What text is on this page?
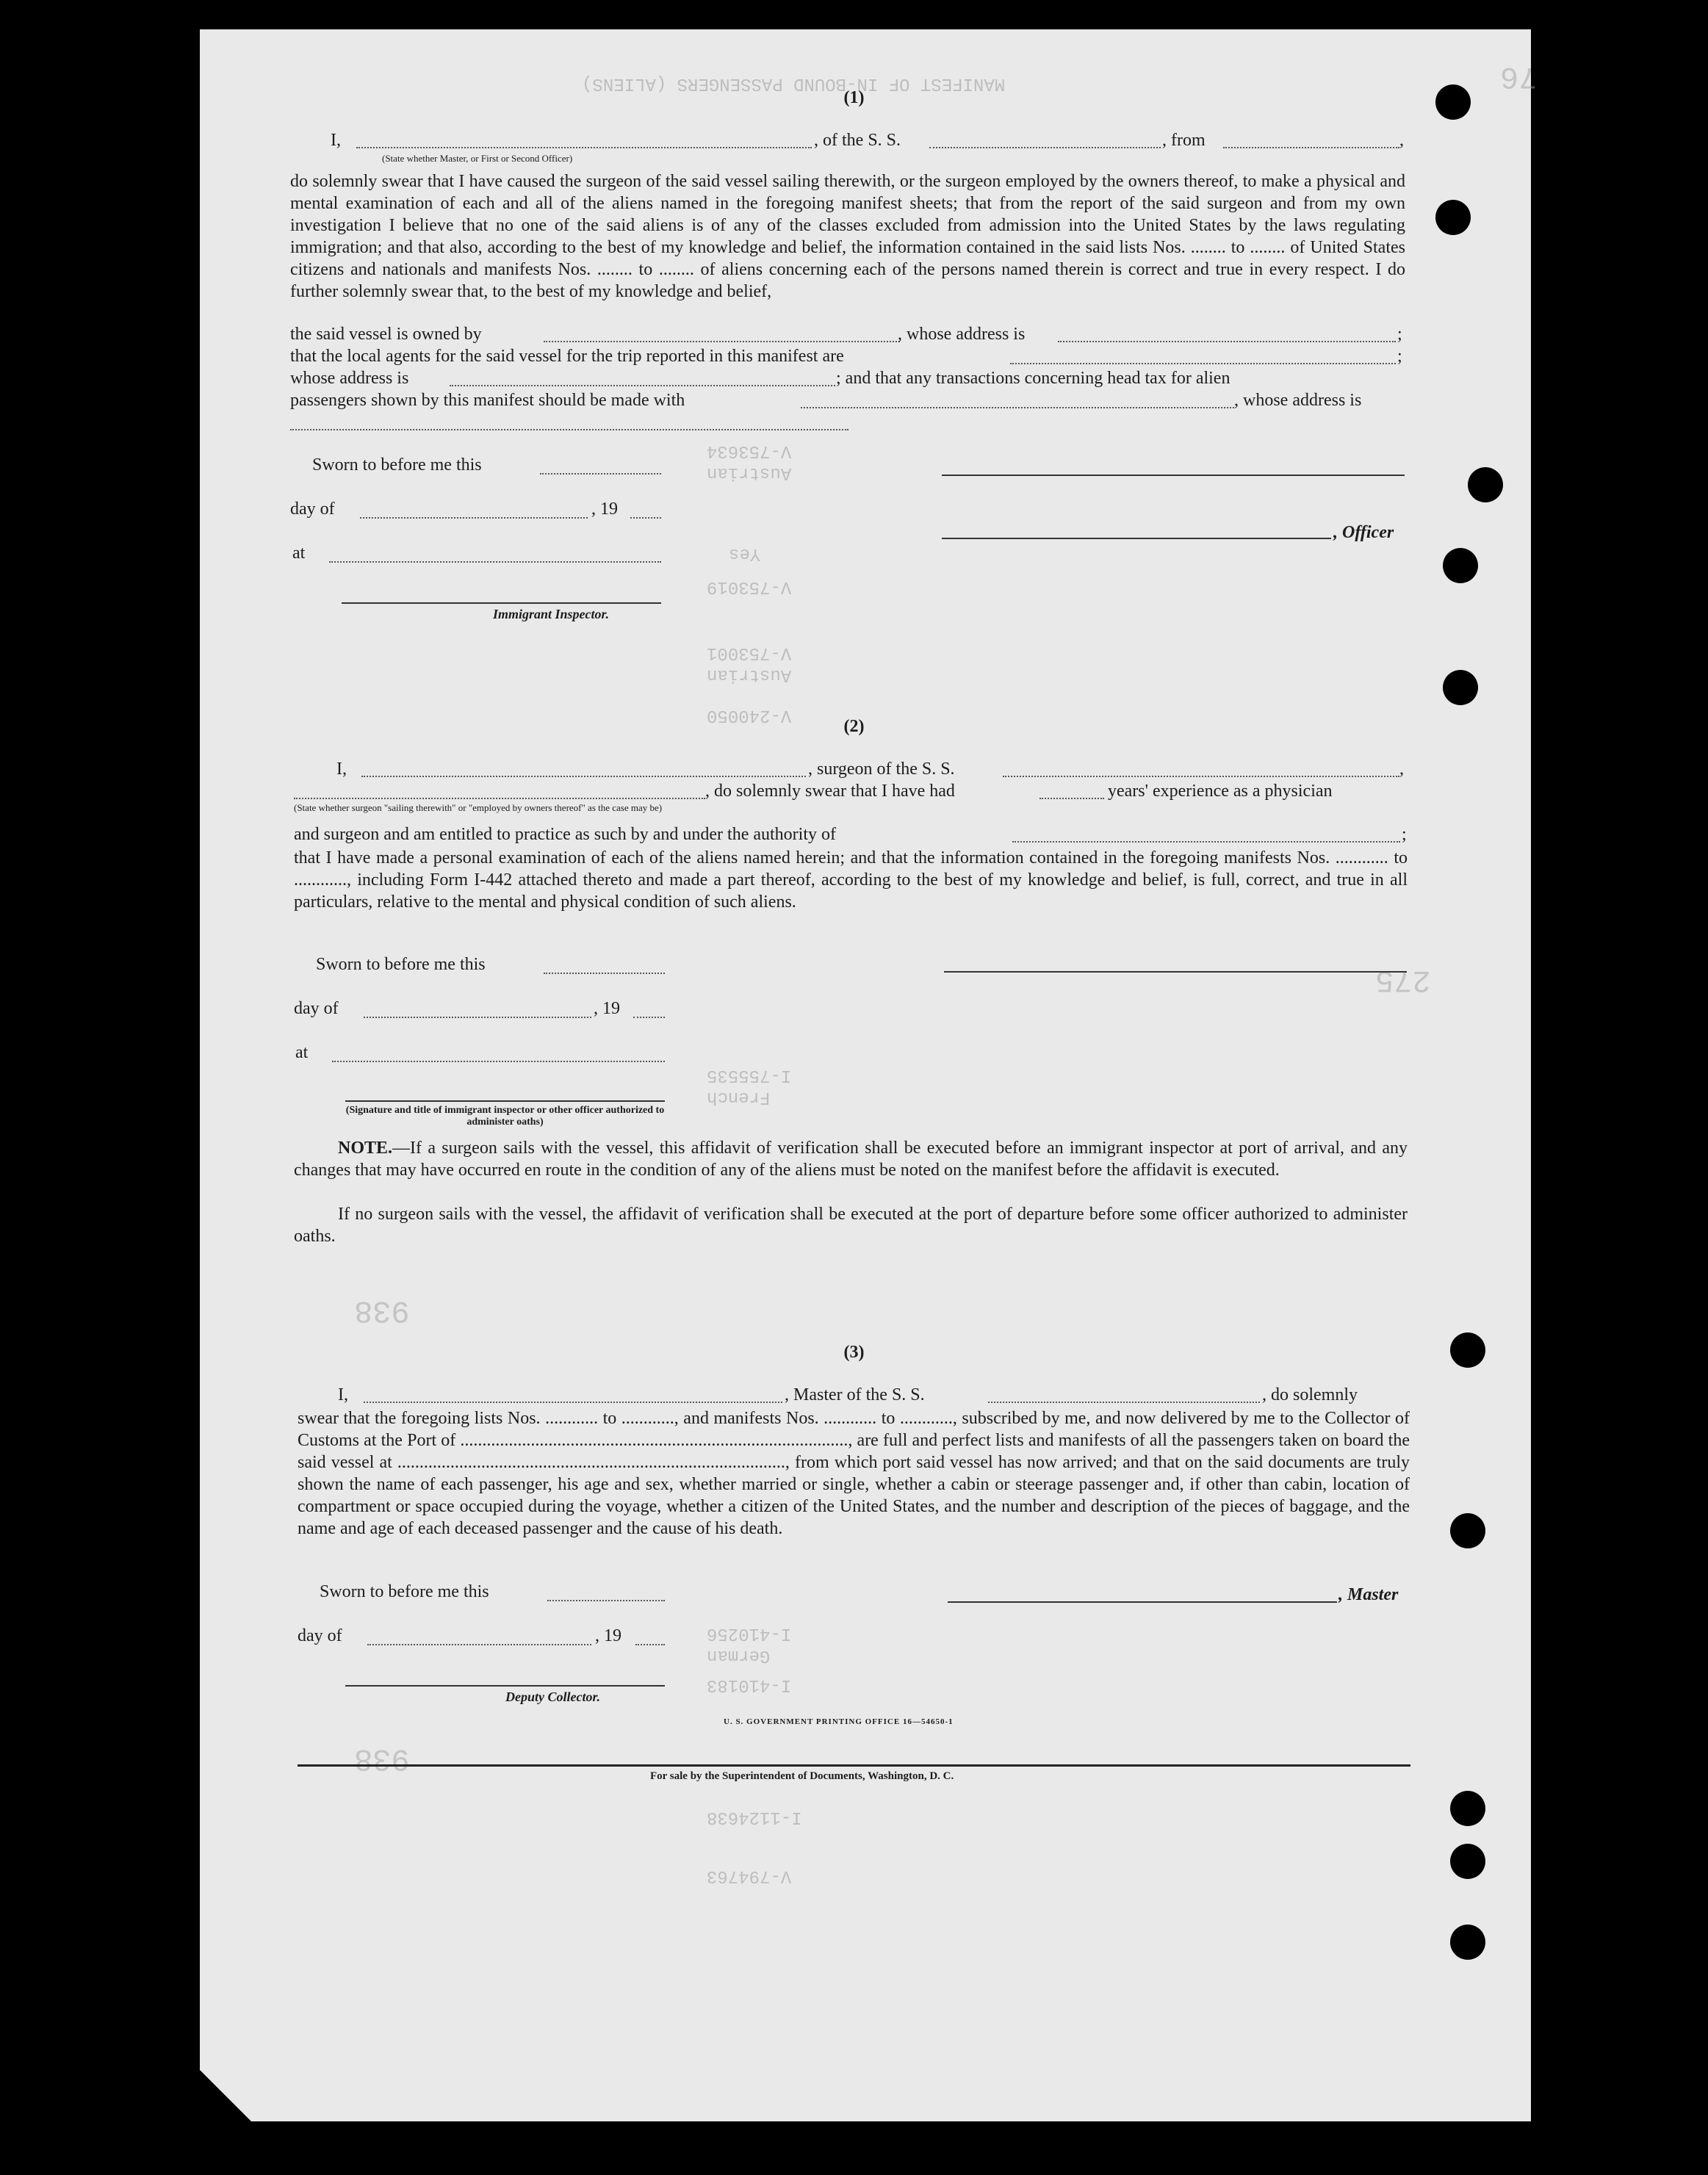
MANIFEST OF IN-BOUND PASSENGERS (ALIENS)
V-753634
Austrian
Yes
V-753019
V-753001
Austrian
V-240050
I-755535
French
I-410256
German
I-410183
I-1124638
V-794763
76
938
938
275
(1)
I,	, of the S. S.	, from	,
(State whether Master, or First or Second Officer)
do solemnly swear that I have caused the surgeon of the said vessel sailing therewith, or the surgeon employed by the owners thereof, to make a physical and mental examination of each and all of the aliens named in the foregoing manifest sheets; that from the report of the said surgeon and from my own investigation I believe that no one of the said aliens is of any of the classes excluded from admission into the United States by the laws regulating immigration; and that also, according to the best of my knowledge and belief, the information contained in the said lists Nos. ........ to ........ of United States citizens and nationals and manifests Nos. ........ to ........ of aliens concerning each of the persons named therein is correct and true in every respect. I do further solemnly swear that, to the best of my knowledge and belief,
the said vessel is owned by	, whose address is	;
that the local agents for the said vessel for the trip reported in this manifest are	;
whose address is	; and that any transactions concerning head tax for alien
passengers shown by this manifest should be made with	, whose address is
Sworn to before me this
day of	, 19
, Officer
at
Immigrant Inspector.
(2)
I,	, surgeon of the S. S.	,
, do solemnly swear that I have had	years' experience as a physician
(State whether surgeon "sailing therewith" or "employed by owners thereof" as the case may be)
and surgeon and am entitled to practice as such by and under the authority of	;
that I have made a personal examination of each of the aliens named herein; and that the information contained in the foregoing manifests Nos. ............ to ............, including Form I-442 attached thereto and made a part thereof, according to the best of my knowledge and belief, is full, correct, and true in all particulars, relative to the mental and physical condition of such aliens.
Sworn to before me this
day of	, 19
at
(Signature and title of immigrant inspector or other officer authorized to administer oaths)
NOTE.—If a surgeon sails with the vessel, this affidavit of verification shall be executed before an immigrant inspector at port of arrival, and any changes that may have occurred en route in the condition of any of the aliens must be noted on the manifest before the affidavit is executed.
If no surgeon sails with the vessel, the affidavit of verification shall be executed at the port of departure before some officer authorized to administer oaths.
(3)
I,	, Master of the S. S.	, do solemnly
swear that the foregoing lists Nos. ............ to ............, and manifests Nos. ............ to ............, subscribed by me, and now delivered by me to the Collector of Customs at the Port of ........................................................................................, are full and perfect lists and manifests of all the passengers taken on board the said vessel at ........................................................................................, from which port said vessel has now arrived; and that on the said documents are truly shown the name of each passenger, his age and sex, whether married or single, whether a cabin or steerage passenger and, if other than cabin, location of compartment or space occupied during the voyage, whether a citizen of the United States, and the number and description of the pieces of baggage, and the name and age of each deceased passenger and the cause of his death.
Sworn to before me this	, Master
day of	, 19
Deputy Collector.
U. S. GOVERNMENT PRINTING OFFICE 16—54650-1
For sale by the Superintendent of Documents, Washington, D. C.
